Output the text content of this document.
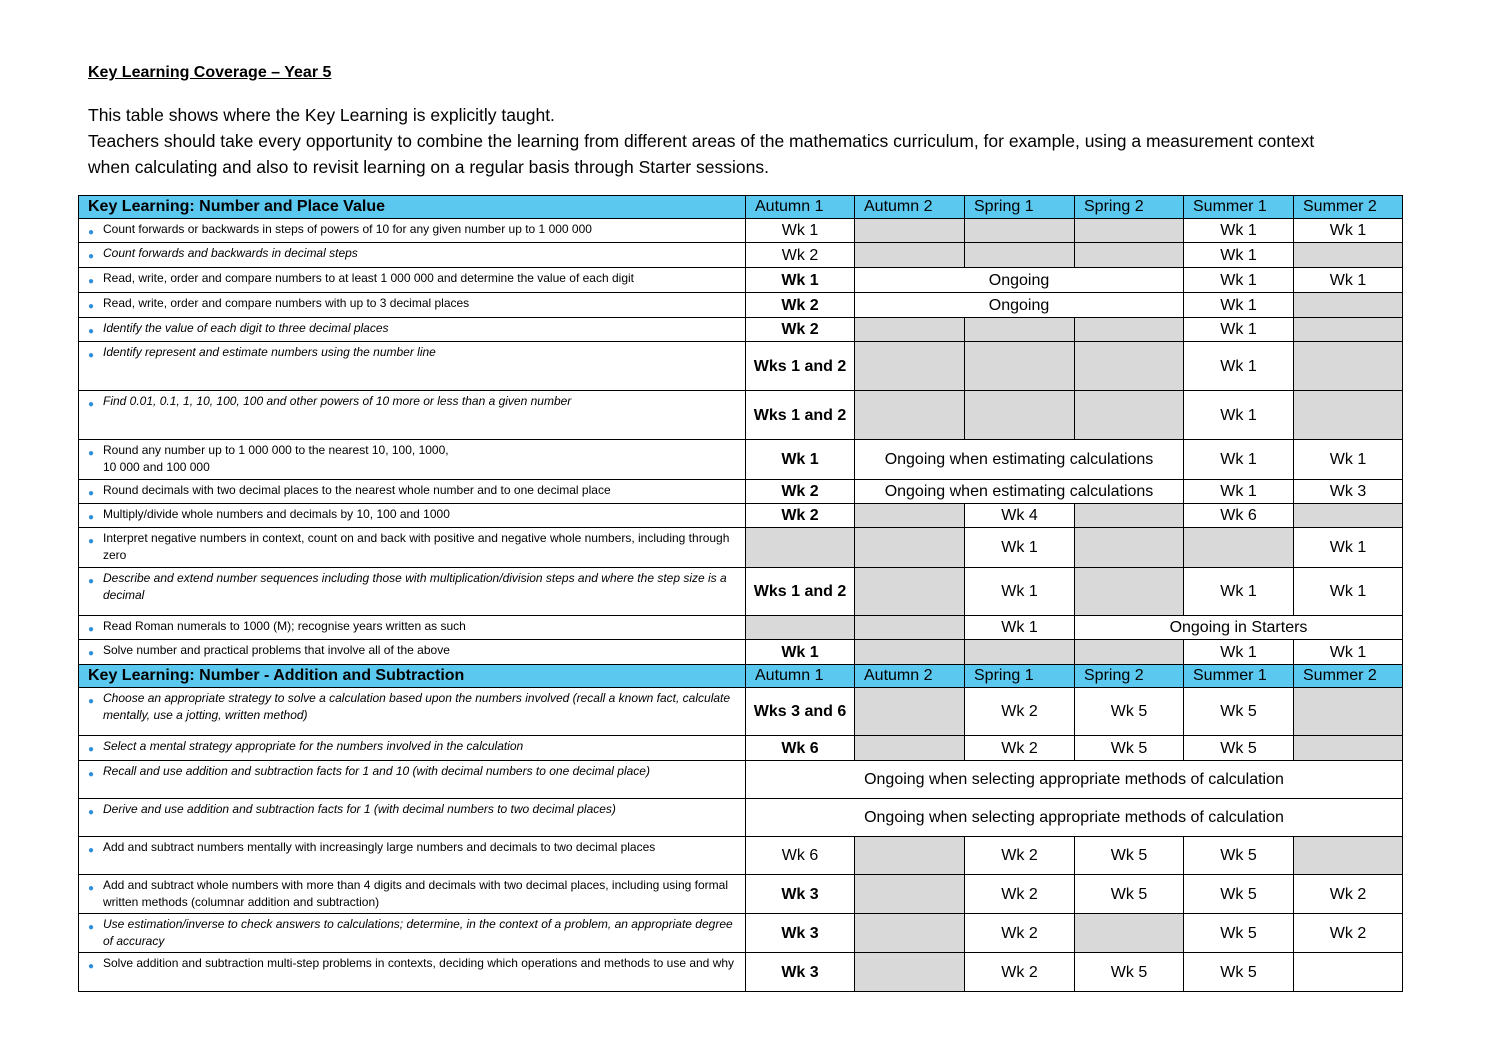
Key Learning Coverage – Year 5
This table shows where the Key Learning is explicitly taught.
Teachers should take every opportunity to combine the learning from different areas of the mathematics curriculum, for example, using a measurement context
when calculating and also to revisit learning on a regular basis through Starter sessions.
Key Learning: Number and Place Value	Autumn 1	Autumn 2	Spring 1	Spring 2	Summer 1	Summer 2

● Count forwards or backwards in steps of powers of 10 for any given number up to 1 000 000	Wk 1				Wk 1	Wk 1

● Count forwards and backwards in decimal steps	Wk 2				Wk 1	

● Read, write, order and compare numbers to at least 1 000 000 and determine the value of each digit	Wk 1	Ongoing			Wk 1	Wk 1

● Read, write, order and compare numbers with up to 3 decimal places	Wk 2	Ongoing			Wk 1	

● Identify the value of each digit to three decimal places	Wk 2				Wk 1	

● Identify represent and estimate numbers using the number line	Wks 1 and 2				Wk 1	

● Find 0.01, 0.1, 1, 10, 100, 100 and other powers of 10 more or less than a given number	Wks 1 and 2				Wk 1	

● Round any number up to 1 000 000 to the nearest 10, 100, 1000,
10 000 and 100 000	Wk 1	Ongoing when estimating calculations			Wk 1	Wk 1

● Round decimals with two decimal places to the nearest whole number and to one decimal place	Wk 2	Ongoing when estimating calculations			Wk 1	Wk 3

● Multiply/divide whole numbers and decimals by 10, 100 and 1000	Wk 2		Wk 4		Wk 6	

● Interpret negative numbers in context, count on and back with positive and negative whole numbers, including through zero			Wk 1			Wk 1

● Describe and extend number sequences including those with multiplication/division steps and where the step size is a decimal	Wks 1 and 2		Wk 1		Wk 1	Wk 1

● Read Roman numerals to 1000 (M); recognise years written as such			Wk 1	Ongoing in Starters		

● Solve number and practical problems that involve all of the above	Wk 1				Wk 1	Wk 1
Key Learning: Number - Addition and Subtraction	Autumn 1	Autumn 2	Spring 1	Spring 2	Summer 1	Summer 2

● Choose an appropriate strategy to solve a calculation based upon the numbers involved (recall a known fact, calculate mentally, use a jotting, written method)	Wks 3 and 6		Wk 2	Wk 5	Wk 5	

● Select a mental strategy appropriate for the numbers involved in the calculation	Wk 6		Wk 2	Wk 5	Wk 5	

● Recall and use addition and subtraction facts for 1 and 10 (with decimal numbers to one decimal place)	Ongoing when selecting appropriate methods of calculation					

● Derive and use addition and subtraction facts for 1 (with decimal numbers to two decimal places)	Ongoing when selecting appropriate methods of calculation					

● Add and subtract numbers mentally with increasingly large numbers and decimals to two decimal places	Wk 6		Wk 2	Wk 5	Wk 5	

● Add and subtract whole numbers with more than 4 digits and decimals with two decimal places, including using formal written methods (columnar addition and subtraction)	Wk 3		Wk 2	Wk 5	Wk 5	Wk 2

● Use estimation/inverse to check answers to calculations; determine, in the context of a problem, an appropriate degree of accuracy	Wk 3		Wk 2		Wk 5	Wk 2

● Solve addition and subtraction multi-step problems in contexts, deciding which operations and methods to use and why	Wk 3		Wk 2	Wk 5	Wk 5	
